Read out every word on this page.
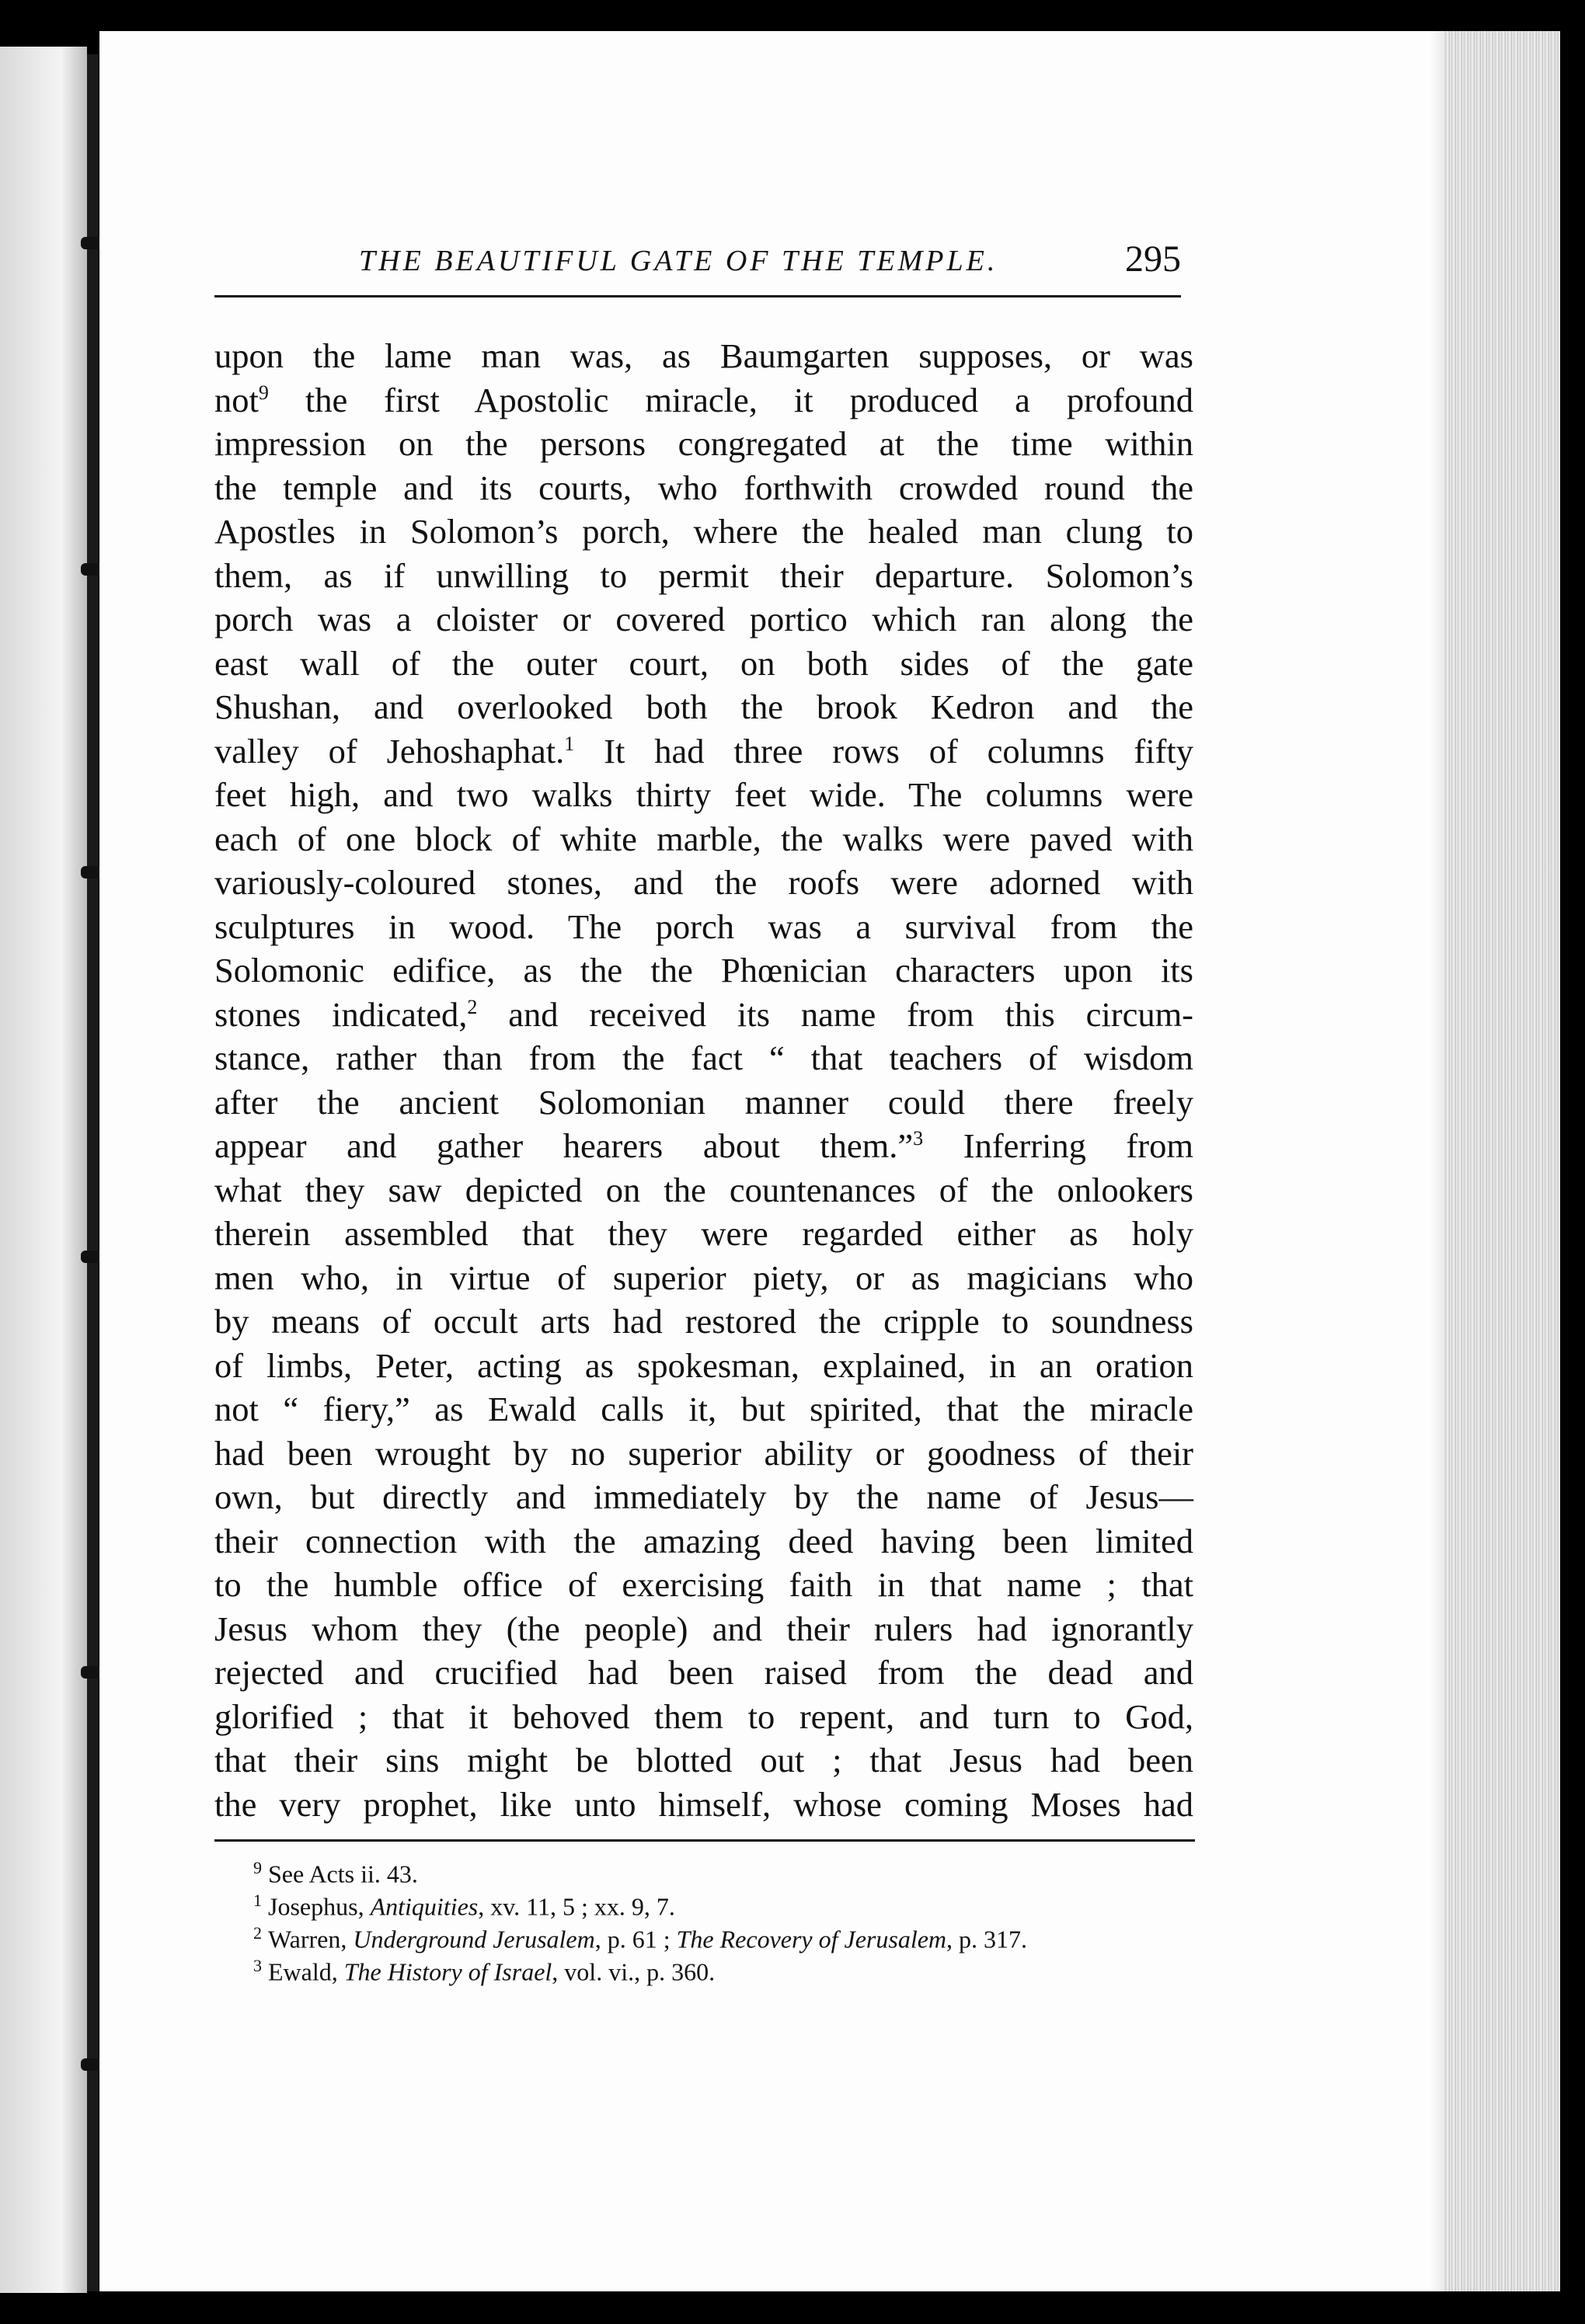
THE BEAUTIFUL GATE OF THE TEMPLE.	295
upon the lame man was, as Baumgarten supposes, or was
not$^9$ the first Apostolic miracle, it produced a profound
impression on the persons congregated at the time within
the temple and its courts, who forthwith crowded round the
Apostles in Solomon’s porch, where the healed man clung to
them, as if unwilling to permit their departure. Solomon’s
porch was a cloister or covered portico which ran along the
east wall of the outer court, on both sides of the gate
Shushan, and overlooked both the brook Kedron and the
valley of Jehoshaphat.$^1$ It had three rows of columns fifty
feet high, and two walks thirty feet wide. The columns were
each of one block of white marble, the walks were paved with
variously-coloured stones, and the roofs were adorned with
sculptures in wood. The porch was a survival from the
Solomonic edifice, as the the Phœnician characters upon its
stones indicated,$^2$ and received its name from this circum-
stance, rather than from the fact “ that teachers of wisdom
after the ancient Solomonian manner could there freely
appear and gather hearers about them.”$^3$ Inferring from
what they saw depicted on the countenances of the onlookers
therein assembled that they were regarded either as holy
men who, in virtue of superior piety, or as magicians who
by means of occult arts had restored the cripple to soundness
of limbs, Peter, acting as spokesman, explained, in an oration
not “ fiery,” as Ewald calls it, but spirited, that the miracle
had been wrought by no superior ability or goodness of their
own, but directly and immediately by the name of Jesus—
their connection with the amazing deed having been limited
to the humble office of exercising faith in that name ; that
Jesus whom they (the people) and their rulers had ignorantly
rejected and crucified had been raised from the dead and
glorified ; that it behoved them to repent, and turn to God,
that their sins might be blotted out ; that Jesus had been
the very prophet, like unto himself, whose coming Moses had
$^9$ See Acts ii. 43.
$^1$ Josephus, Antiquities, xv. 11, 5 ; xx. 9, 7.
$^2$ Warren, Underground Jerusalem, p. 61 ; The Recovery of Jerusalem, p. 317.
$^3$ Ewald, The History of Israel, vol. vi., p. 360.
